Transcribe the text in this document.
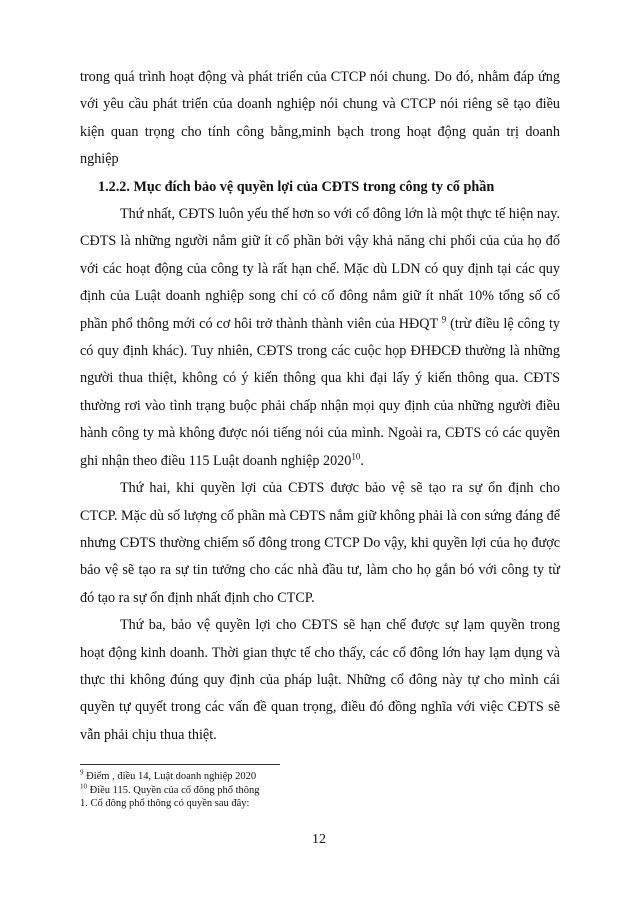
trong quá trình hoạt động và phát triển của CTCP nói chung. Do đó, nhằm đáp ứng với yêu cầu phát triển của doanh nghiệp nói chung và CTCP nói riêng sẽ tạo điều kiện quan trọng cho tính công bằng,minh bạch trong hoạt động quản trị doanh nghiệp

1.2.2. Mục đích bảo vệ quyền lợi của CĐTS trong công ty cổ phần

Thứ nhất, CĐTS luôn yếu thế hơn so với cổ đông lớn là một thực tế hiện nay. CĐTS là những người nắm giữ ít cổ phần bởi vậy khả năng chi phối của của họ đố với các hoạt động của công ty là rất hạn chế. Mặc dù LDN có quy định tại các quy định của Luật doanh nghiệp song chỉ có cổ đông nắm giữ ít nhất 10% tổng số cổ phần phổ thông mới có cơ hôi trở thành thành viên của HĐQT $^9$ (trừ điều lệ công ty có quy định khác). Tuy nhiên, CĐTS trong các cuộc họp ĐHĐCĐ thường là những người thua thiệt, không có ý kiến thông qua khi đại lấy ý kiến thông qua. CĐTS thường rơi vào tình trạng buộc phải chấp nhận mọi quy định của những người điều hành công ty mà không được nói tiếng nói của mình. Ngoài ra, CĐTS có các quyền ghi nhận theo điều 115 Luật doanh nghiệp 2020$^{10}$.

Thứ hai, khi quyền lợi của CĐTS được bảo vệ sẽ tạo ra sự ổn định cho CTCP. Mặc dù số lượng cổ phần mà CĐTS nắm giữ không phải là con sứng đáng để nhưng CĐTS thường chiếm số đông trong CTCP Do vậy, khi quyền lợi của họ được bảo vệ sẽ tạo ra sự tin tưởng cho các nhà đầu tư, làm cho họ gắn bó với công ty từ đó tạo ra sự ổn định nhất định cho CTCP.

Thứ ba, bảo vệ quyền lợi cho CĐTS sẽ hạn chế được sự lạm quyền trong hoạt động kinh doanh. Thời gian thực tế cho thấy, các cổ đông lớn hay lạm dụng và thực thi không đúng quy định của pháp luật. Những cổ đông này tự cho mình cái quyền tự quyết trong các vấn đề quan trọng, điều đó đồng nghĩa với việc CĐTS sẽ vẫn phải chịu thua thiệt.

$^9$ Điểm , điều 14, Luật doanh nghiệp 2020

$^{10}$ Điều 115. Quyền của cổ đông phổ thông

1. Cổ đông phổ thông có quyền sau đây:

12
